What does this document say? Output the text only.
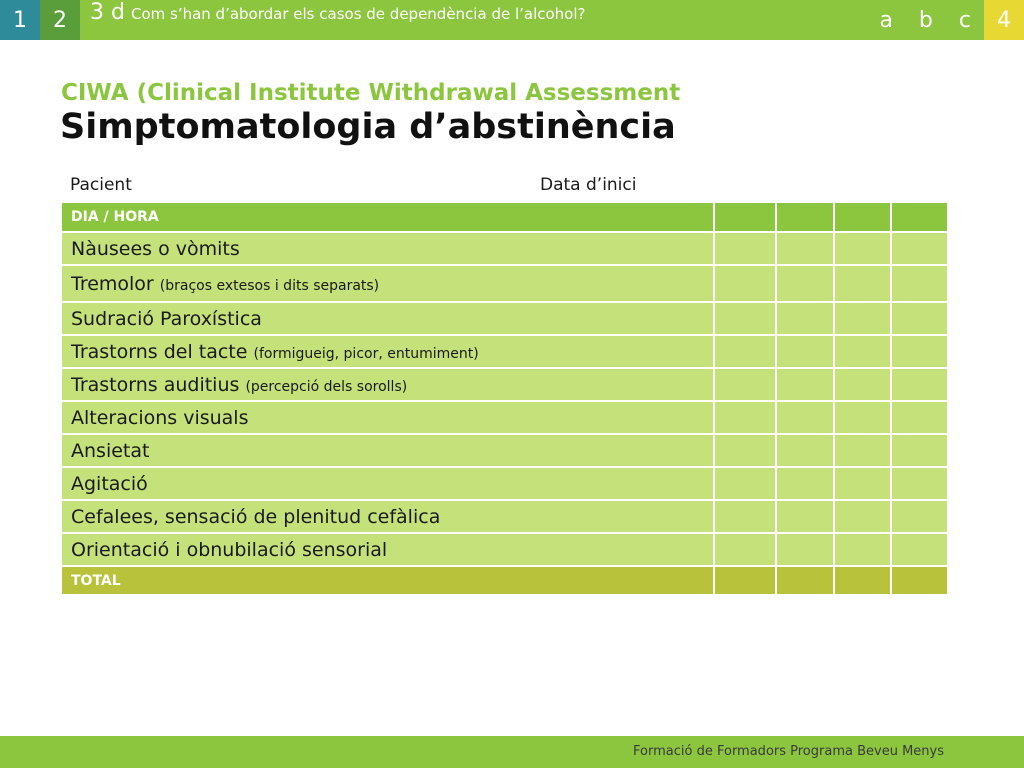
1	2	3 d Com s’han d’abordar els casos de dependència de l’alcohol?	a b c	4
CIWA (Clinical Institute Withdrawal Assessment
Simptomatologia d’abstinència
Pacient	Data d’inici
DIA / HORA				
Nàusees o vòmits				
Tremolor (braços extesos i dits separats)				
Sudració Paroxística				
Trastorns del tacte (formigueig, picor, entumiment)				
Trastorns auditius (percepció dels sorolls)				
Alteracions visuals				
Ansietat				
Agitació				
Cefalees, sensació de plenitud cefàlica				
Orientació i obnubilació sensorial				
TOTAL				
Formació de Formadors Programa Beveu Menys
